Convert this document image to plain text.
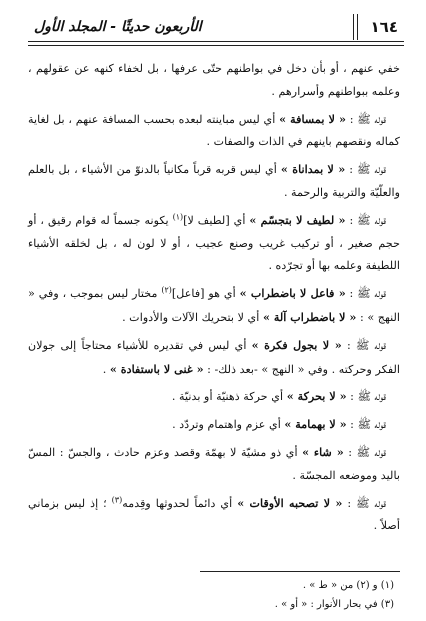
١٦٤
الأربعون حديثًا - المجلد الأول

خفي عنهم ، أو بأن دخل في بواطنهم حتّى عرفها ، بل لخفاء كنهه عن عقولهم ، وعلمه ببواطنهم وأسرارهم .

قوله ﷺ : « لا بمسافة » أي ليس مباينته لبعده بحسب المسافة عنهم ، بل لغاية كماله ونقصهم باينهم في الذات والصفات .

قوله ﷺ : « لا بمداناة » أي ليس قربه قرباً مكانياً بالدنوّ من الأشياء ، بل بالعلم والعلّيّة والتربية والرحمة .

قوله ﷺ : « لطيف لا بتجسّم » أي [لطيف لا]$^{(١)}$ يكونه جسماً له قوام رقيق ، أو حجم صغير ، أو تركيب غريب وصنع عجيب ، أو لا لون له ، بل لخلقه الأشياء اللطيفة وعلمه بها أو تجرّده .

قوله ﷺ : « فاعل لا باضطراب » أي هو [فاعل]$^{(٢)}$ مختار ليس بموجب ، وفي « النهج » : « لا باضطراب آلة » أي لا بتحريك الآلات والأدوات .

قوله ﷺ : « لا بجول فكرة » أي ليس في تقديره للأشياء محتاجاً إلى جولان الفكر وحركته . وفي « النهج » -بعد ذلك- : « غنى لا باستفادة » .

قوله ﷺ : « لا بحركة » أي حركة ذهنيّة أو بدنيّة .

قوله ﷺ : « لا بهمامة » أي عزم واهتمام وتردّد .

قوله ﷺ : « شاء » أي ذو مشيّة لا بهمّة وقصد وعزم حادث ، والجسّ : المسّ باليد وموضعه المجسّة .

قوله ﷺ : « لا تصحبه الأوقات » أي دائماً لحدوثها وقِدمه$^{(٣)}$ ؛ إذ ليس بزماني أصلاً .

(١) و (٢) من « ط » .
(٣) في بحار الأنوار : « أو » .
